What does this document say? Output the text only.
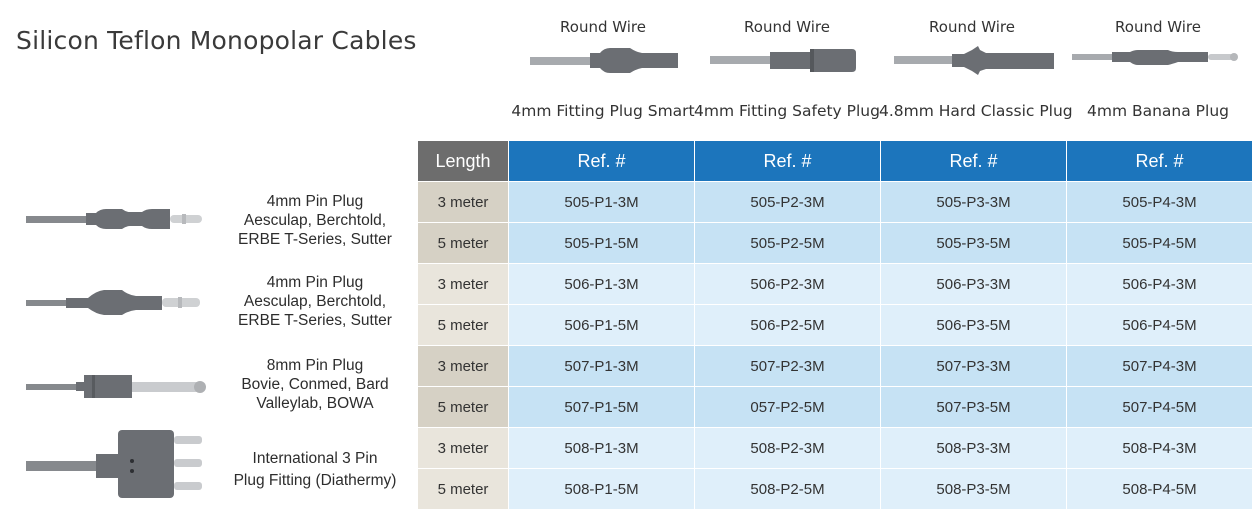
Silicon Teflon Monopolar Cables	Round Wire
4mm Fitting Plug Smart
Round Wire
4mm Fitting Safety Plug
Round Wire
4.8mm Hard Classic Plug
Round Wire
4mm Banana Plug
4mm Pin Plug
Aesculap, Berchtold,
ERBE T-Series, Sutter
4mm Pin Plug
Aesculap, Berchtold,
ERBE T-Series, Sutter
8mm Pin Plug
Bovie, Conmed, Bard
Valleylab, BOWA
International 3 Pin
Plug Fitting (Diathermy)
Length	Ref. #	Ref. #	Ref. #	Ref. #
3 meter	505-P1-3M	505-P2-3M	505-P3-3M	505-P4-3M
5 meter	505-P1-5M	505-P2-5M	505-P3-5M	505-P4-5M
3 meter	506-P1-3M	506-P2-3M	506-P3-3M	506-P4-3M
5 meter	506-P1-5M	506-P2-5M	506-P3-5M	506-P4-5M
3 meter	507-P1-3M	507-P2-3M	507-P3-3M	507-P4-3M
5 meter	507-P1-5M	057-P2-5M	507-P3-5M	507-P4-5M
3 meter	508-P1-3M	508-P2-3M	508-P3-3M	508-P4-3M
5 meter	508-P1-5M	508-P2-5M	508-P3-5M	508-P4-5M
